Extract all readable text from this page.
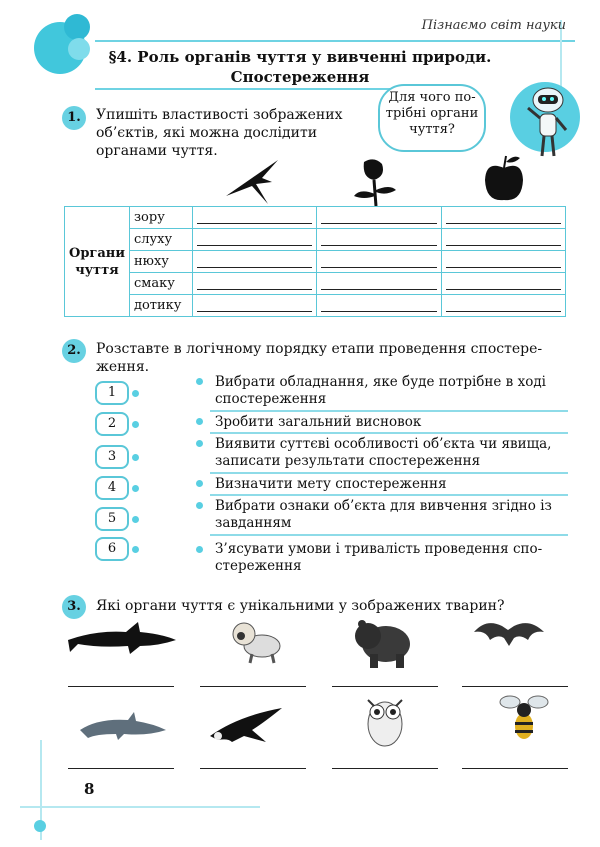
Пізнаємо світ науки
§4. Роль органів чуття у вивченні природи.
Спостереження
1.	Упишіть властивості зображених
об’єктів, які можна дослідити
органами чуття.
Для чого по-
трібні органи
чуття?
Органи
чуття	зору	

	слуху	

	нюху	

	смаку	

	дотику	

2.	Розставте в логічному порядку етапи проведення спостере-
ження.
1
2
3
4
5
6
Вибрати обладнання, яке буде потрібне в ході
спостереження
Зробити загальний висновок
Виявити суттєві особливості об’єкта чи явища,
записати результати спостереження
Визначити мету спостереження
Вибрати ознаки об’єкта для вивчення згідно із
завданням
З’ясувати умови і тривалість проведення спо-
стереження
3.	Які органи чуття є унікальними у зображених тварин?
8
